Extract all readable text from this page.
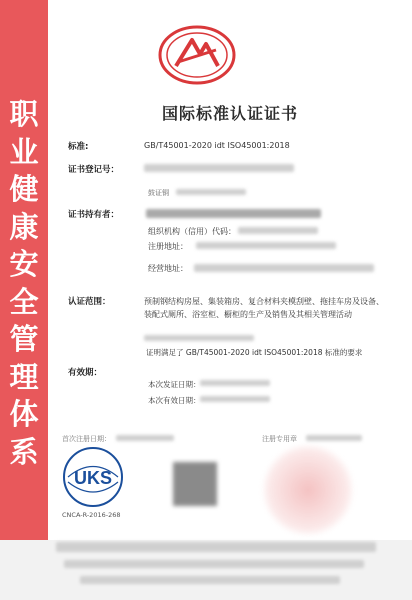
职
业
健
康
安
全
管
理
体
系
国际标准认证证书
标准:	GB/T45001-2020 idt ISO45001:2018
证书登记号：
鼓证铜
证书持有者：
组织机构（信用）代码：
注册地址：
经营地址：
认证范围：	预制钢结构房屋、集装箱房、复合材料夹模刮壁、拖挂车房及设备、装配式厕所、浴室柜、橱柜的生产及销售及其相关管理活动
证明满足了 GB/T45001-2020 idt ISO45001:2018 标准的要求
有效期：
本次发证日期：
本次有效日期：
首次注册日期：	注册专用章
UKS
CNCA-R-2016-268
